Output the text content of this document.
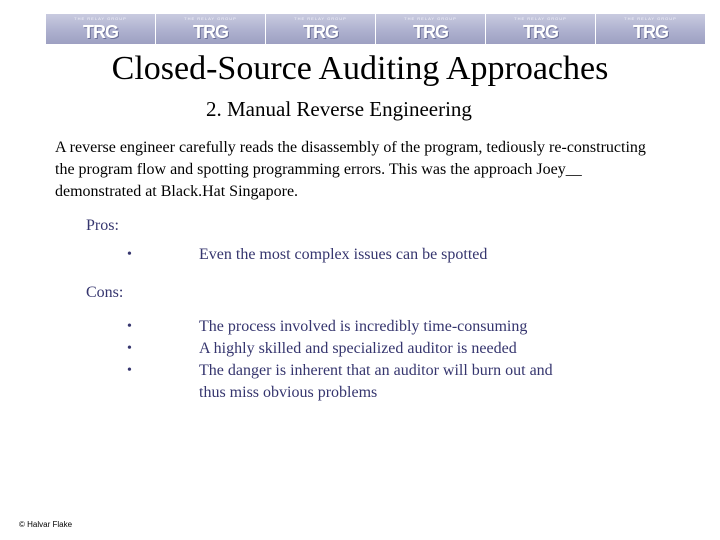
THE RELAY GROUP
TRG
THE RELAY GROUP
TRG
THE RELAY GROUP
TRG
THE RELAY GROUP
TRG
THE RELAY GROUP
TRG
THE RELAY GROUP
TRG
Closed-Source Auditing Approaches
2. Manual Reverse Engineering
A reverse engineer carefully reads the disassembly of the program, tediously re-constructing the program flow and spotting programming errors. This was the approach Joey__ demonstrated at Black.Hat Singapore.
Pros:
•	Even the most complex issues can be spotted
Cons:
•	The process involved is incredibly time-consuming
•	A highly skilled and specialized auditor is needed
•	The danger is inherent that an auditor will burn out and thus miss obvious problems
© Halvar Flake
